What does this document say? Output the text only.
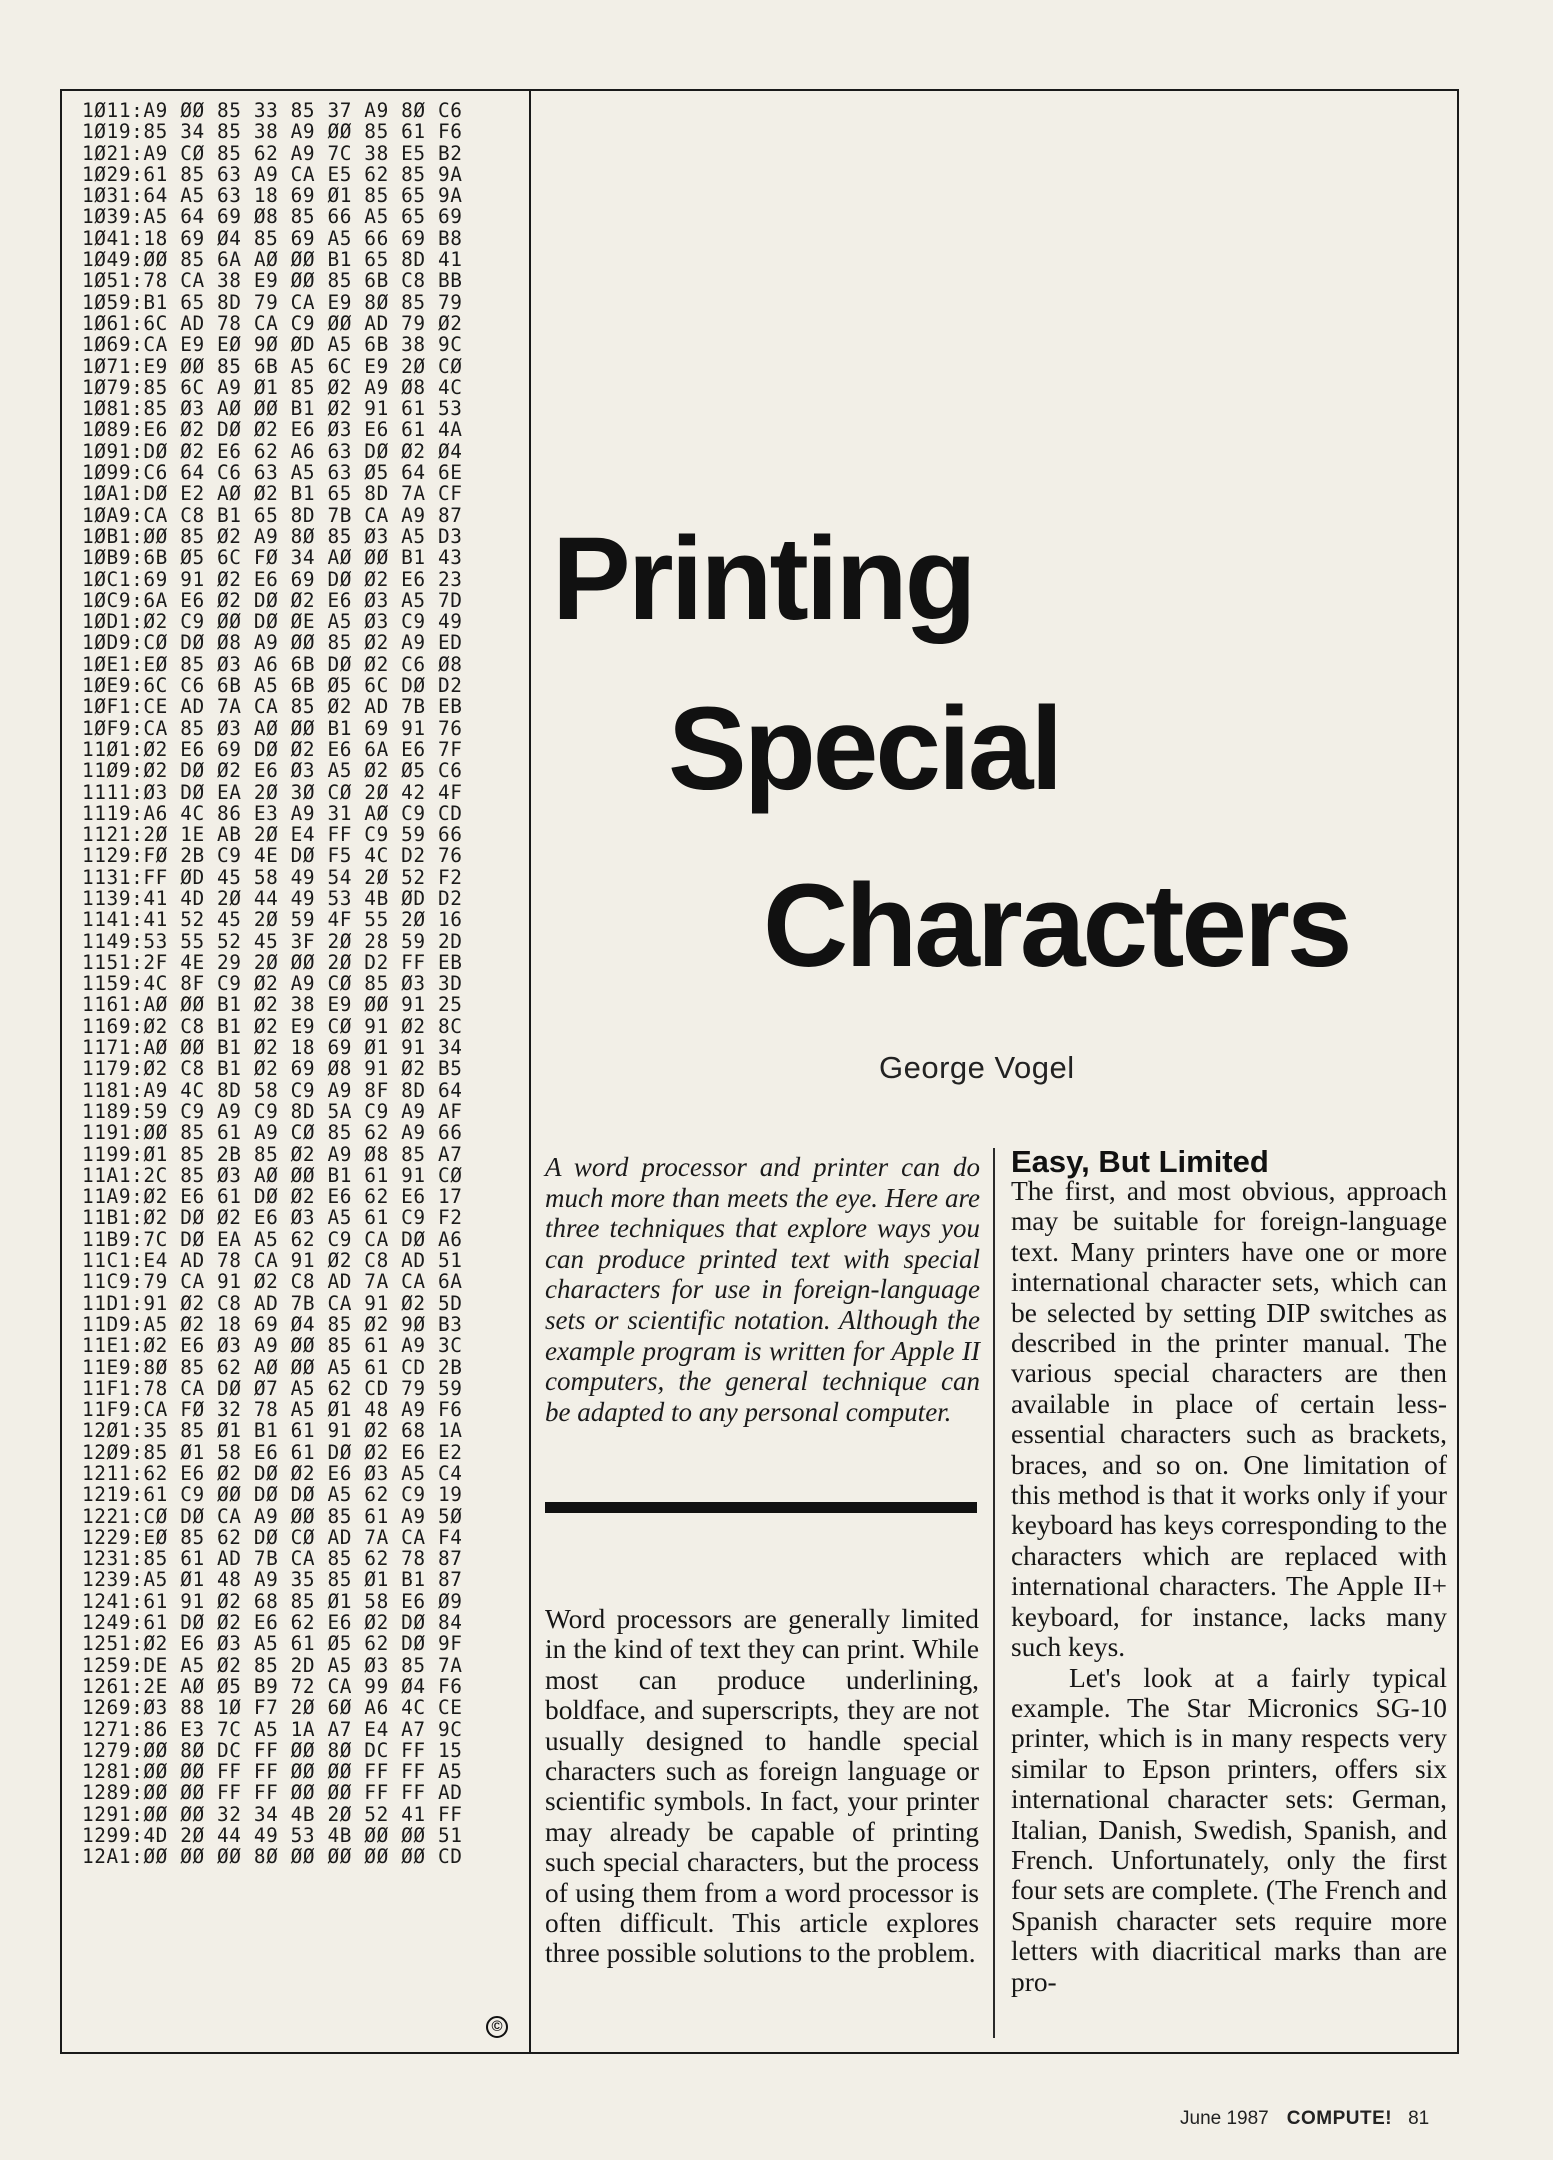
1Ø11:A9 ØØ 85 33 85 37 A9 8Ø C6
1Ø19:85 34 85 38 A9 ØØ 85 61 F6
1Ø21:A9 CØ 85 62 A9 7C 38 E5 B2
1Ø29:61 85 63 A9 CA E5 62 85 9A
1Ø31:64 A5 63 18 69 Ø1 85 65 9A
1Ø39:A5 64 69 Ø8 85 66 A5 65 69
1Ø41:18 69 Ø4 85 69 A5 66 69 B8
1Ø49:ØØ 85 6A AØ ØØ B1 65 8D 41
1Ø51:78 CA 38 E9 ØØ 85 6B C8 BB
1Ø59:B1 65 8D 79 CA E9 8Ø 85 79
1Ø61:6C AD 78 CA C9 ØØ AD 79 Ø2
1Ø69:CA E9 EØ 9Ø ØD A5 6B 38 9C
1Ø71:E9 ØØ 85 6B A5 6C E9 2Ø CØ
1Ø79:85 6C A9 Ø1 85 Ø2 A9 Ø8 4C
1Ø81:85 Ø3 AØ ØØ B1 Ø2 91 61 53
1Ø89:E6 Ø2 DØ Ø2 E6 Ø3 E6 61 4A
1Ø91:DØ Ø2 E6 62 A6 63 DØ Ø2 Ø4
1Ø99:C6 64 C6 63 A5 63 Ø5 64 6E
1ØA1:DØ E2 AØ Ø2 B1 65 8D 7A CF
1ØA9:CA C8 B1 65 8D 7B CA A9 87
1ØB1:ØØ 85 Ø2 A9 8Ø 85 Ø3 A5 D3
1ØB9:6B Ø5 6C FØ 34 AØ ØØ B1 43
1ØC1:69 91 Ø2 E6 69 DØ Ø2 E6 23
1ØC9:6A E6 Ø2 DØ Ø2 E6 Ø3 A5 7D
1ØD1:Ø2 C9 ØØ DØ ØE A5 Ø3 C9 49
1ØD9:CØ DØ Ø8 A9 ØØ 85 Ø2 A9 ED
1ØE1:EØ 85 Ø3 A6 6B DØ Ø2 C6 Ø8
1ØE9:6C C6 6B A5 6B Ø5 6C DØ D2
1ØF1:CE AD 7A CA 85 Ø2 AD 7B EB
1ØF9:CA 85 Ø3 AØ ØØ B1 69 91 76
11Ø1:Ø2 E6 69 DØ Ø2 E6 6A E6 7F
11Ø9:Ø2 DØ Ø2 E6 Ø3 A5 Ø2 Ø5 C6
1111:Ø3 DØ EA 2Ø 3Ø CØ 2Ø 42 4F
1119:A6 4C 86 E3 A9 31 AØ C9 CD
1121:2Ø 1E AB 2Ø E4 FF C9 59 66
1129:FØ 2B C9 4E DØ F5 4C D2 76
1131:FF ØD 45 58 49 54 2Ø 52 F2
1139:41 4D 2Ø 44 49 53 4B ØD D2
1141:41 52 45 2Ø 59 4F 55 2Ø 16
1149:53 55 52 45 3F 2Ø 28 59 2D
1151:2F 4E 29 2Ø ØØ 2Ø D2 FF EB
1159:4C 8F C9 Ø2 A9 CØ 85 Ø3 3D
1161:AØ ØØ B1 Ø2 38 E9 ØØ 91 25
1169:Ø2 C8 B1 Ø2 E9 CØ 91 Ø2 8C
1171:AØ ØØ B1 Ø2 18 69 Ø1 91 34
1179:Ø2 C8 B1 Ø2 69 Ø8 91 Ø2 B5
1181:A9 4C 8D 58 C9 A9 8F 8D 64
1189:59 C9 A9 C9 8D 5A C9 A9 AF
1191:ØØ 85 61 A9 CØ 85 62 A9 66
1199:Ø1 85 2B 85 Ø2 A9 Ø8 85 A7
11A1:2C 85 Ø3 AØ ØØ B1 61 91 CØ
11A9:Ø2 E6 61 DØ Ø2 E6 62 E6 17
11B1:Ø2 DØ Ø2 E6 Ø3 A5 61 C9 F2
11B9:7C DØ EA A5 62 C9 CA DØ A6
11C1:E4 AD 78 CA 91 Ø2 C8 AD 51
11C9:79 CA 91 Ø2 C8 AD 7A CA 6A
11D1:91 Ø2 C8 AD 7B CA 91 Ø2 5D
11D9:A5 Ø2 18 69 Ø4 85 Ø2 9Ø B3
11E1:Ø2 E6 Ø3 A9 ØØ 85 61 A9 3C
11E9:8Ø 85 62 AØ ØØ A5 61 CD 2B
11F1:78 CA DØ Ø7 A5 62 CD 79 59
11F9:CA FØ 32 78 A5 Ø1 48 A9 F6
12Ø1:35 85 Ø1 B1 61 91 Ø2 68 1A
12Ø9:85 Ø1 58 E6 61 DØ Ø2 E6 E2
1211:62 E6 Ø2 DØ Ø2 E6 Ø3 A5 C4
1219:61 C9 ØØ DØ DØ A5 62 C9 19
1221:CØ DØ CA A9 ØØ 85 61 A9 5Ø
1229:EØ 85 62 DØ CØ AD 7A CA F4
1231:85 61 AD 7B CA 85 62 78 87
1239:A5 Ø1 48 A9 35 85 Ø1 B1 87
1241:61 91 Ø2 68 85 Ø1 58 E6 Ø9
1249:61 DØ Ø2 E6 62 E6 Ø2 DØ 84
1251:Ø2 E6 Ø3 A5 61 Ø5 62 DØ 9F
1259:DE A5 Ø2 85 2D A5 Ø3 85 7A
1261:2E AØ Ø5 B9 72 CA 99 Ø4 F6
1269:Ø3 88 1Ø F7 2Ø 6Ø A6 4C CE
1271:86 E3 7C A5 1A A7 E4 A7 9C
1279:ØØ 8Ø DC FF ØØ 8Ø DC FF 15
1281:ØØ ØØ FF FF ØØ ØØ FF FF A5
1289:ØØ ØØ FF FF ØØ ØØ FF FF AD
1291:ØØ ØØ 32 34 4B 2Ø 52 41 FF
1299:4D 2Ø 44 49 53 4B ØØ ØØ 51
12A1:ØØ ØØ ØØ 8Ø ØØ ØØ ØØ ØØ CD
©
Printing
Special
Characters
George Vogel
A word processor and printer can do much more than meets the eye. Here are three techniques that explore ways you can produce printed text with special characters for use in foreign-language sets or scientific notation. Although the example program is written for Apple II computers, the general technique can be adapted to any personal computer.

Word processors are generally limited in the kind of text they can print. While most can produce underlining, boldface, and superscripts, they are not usually designed to handle special characters such as foreign language or scientific symbols. In fact, your printer may already be capable of printing such special characters, but the process of using them from a word processor is often difficult. This article explores three possible solutions to the problem.

Easy, But Limited

The first, and most obvious, approach may be suitable for foreign-language text. Many printers have one or more international character sets, which can be selected by setting DIP switches as described in the printer manual. The various special characters are then available in place of certain less-essential characters such as brackets, braces, and so on. One limitation of this method is that it works only if your keyboard has keys corresponding to the characters which are replaced with international characters. The Apple II+ keyboard, for instance, lacks many such keys.

Let's look at a fairly typical example. The Star Micronics SG-10 printer, which is in many respects very similar to Epson printers, offers six international character sets: German, Italian, Danish, Swedish, Spanish, and French. Unfortunately, only the first four sets are complete. (The French and Spanish character sets require more letters with diacritical marks than are pro-

June 1987 COMPUTE! 81
